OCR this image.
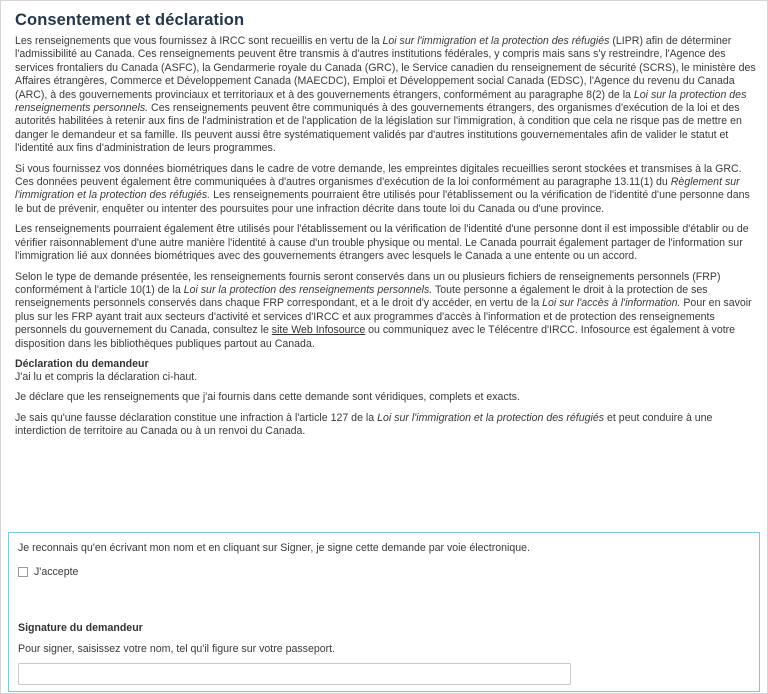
Consentement et déclaration

Les renseignements que vous fournissez à IRCC sont recueillis en vertu de la Loi sur l'immigration et la protection des réfugiés (LIPR) afin de déterminer l'admissibilité au Canada. Ces renseignements peuvent être transmis à d'autres institutions fédérales, y compris mais sans s'y restreindre, l'Agence des services frontaliers du Canada (ASFC), la Gendarmerie royale du Canada (GRC), le Service canadien du renseignement de sécurité (SCRS), le ministère des Affaires étrangères, Commerce et Développement Canada (MAECDC), Emploi et Développement social Canada (EDSC), l'Agence du revenu du Canada (ARC), à des gouvernements provinciaux et territoriaux et à des gouvernements étrangers, conformément au paragraphe 8(2) de la Loi sur la protection des renseignements personnels. Ces renseignements peuvent être communiqués à des gouvernements étrangers, des organismes d'exécution de la loi et des autorités habilitées à retenir aux fins de l'administration et de l'application de la législation sur l'immigration, à condition que cela ne risque pas de mettre en danger le demandeur et sa famille. Ils peuvent aussi être systématiquement validés par d'autres institutions gouvernementales afin de valider le statut et l'identité aux fins d'administration de leurs programmes.

Si vous fournissez vos données biométriques dans le cadre de votre demande, les empreintes digitales recueillies seront stockées et transmises à la GRC. Ces données peuvent également être communiquées à d'autres organismes d'exécution de la loi conformément au paragraphe 13.11(1) du Règlement sur l'immigration et la protection des réfugiés. Les renseignements pourraient être utilisés pour l'établissement ou la vérification de l'identité d'une personne dans le but de prévenir, enquêter ou intenter des poursuites pour une infraction décrite dans toute loi du Canada ou d'une province.

Les renseignements pourraient également être utilisés pour l'établissement ou la vérification de l'identité d'une personne dont il est impossible d'établir ou de vérifier raisonnablement d'une autre manière l'identité à cause d'un trouble physique ou mental. Le Canada pourrait également partager de l'information sur l'immigration lié aux données biométriques avec des gouvernements étrangers avec lesquels le Canada a une entente ou un accord.

Selon le type de demande présentée, les renseignements fournis seront conservés dans un ou plusieurs fichiers de renseignements personnels (FRP) conformément à l'article 10(1) de la Loi sur la protection des renseignements personnels. Toute personne a également le droit à la protection de ses renseignements personnels conservés dans chaque FRP correspondant, et a le droit d'y accéder, en vertu de la Loi sur l'accès à l'information. Pour en savoir plus sur les FRP ayant trait aux secteurs d'activité et services d'IRCC et aux programmes d'accès à l'information et de protection des renseignements personnels du gouvernement du Canada, consultez le site Web Infosource ou communiquez avec le Télécentre d'IRCC. Infosource est également à votre disposition dans les bibliothèques publiques partout au Canada.

Déclaration du demandeur

J'ai lu et compris la déclaration ci-haut.

Je déclare que les renseignements que j'ai fournis dans cette demande sont véridiques, complets et exacts.

Je sais qu'une fausse déclaration constitue une infraction à l'article 127 de la Loi sur l'immigration et la protection des réfugiés et peut conduire à une interdiction de territoire au Canada ou à un renvoi du Canada.

Je reconnais qu'en écrivant mon nom et en cliquant sur Signer, je signe cette demande par voie électronique.
J'accepte
Signature du demandeur
Pour signer, saisissez votre nom, tel qu'il figure sur votre passeport.
